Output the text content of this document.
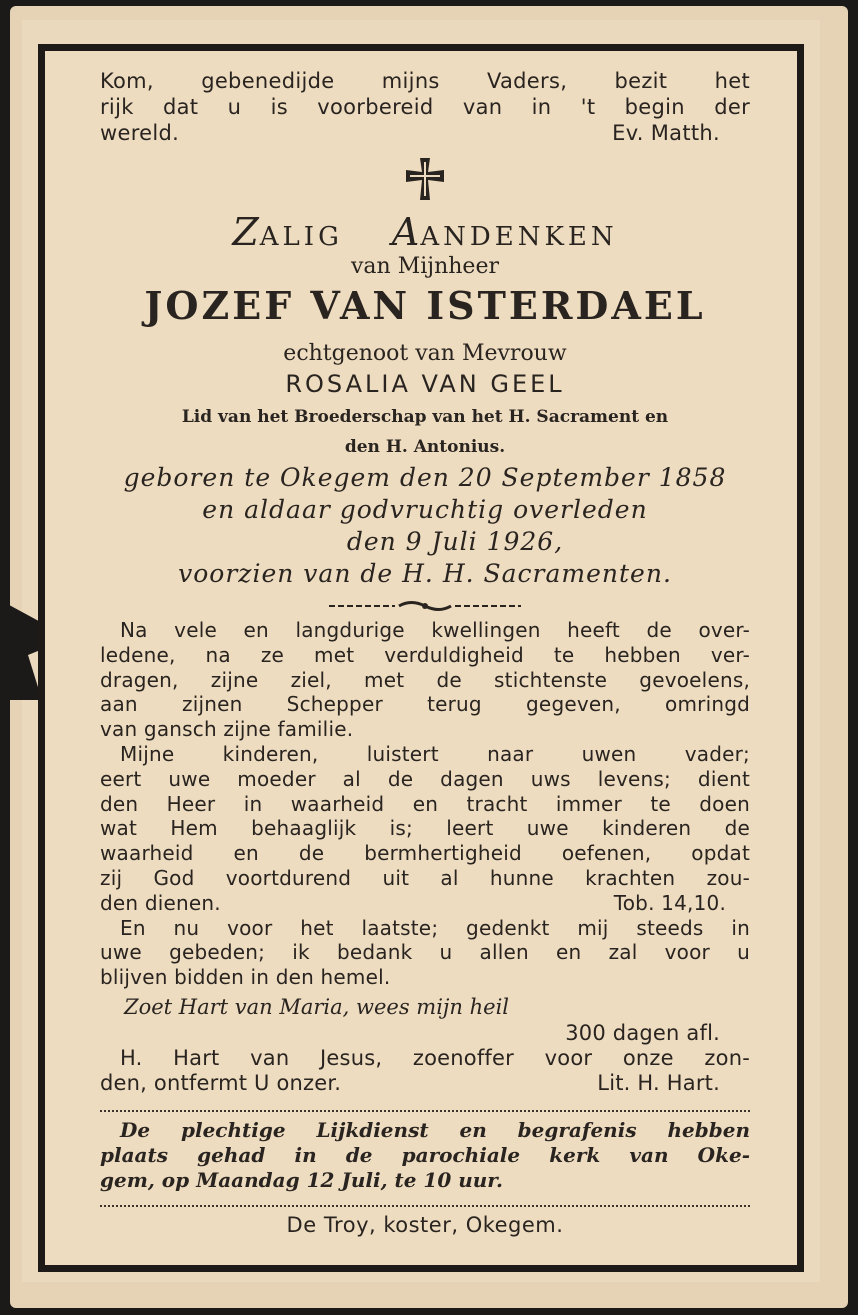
Kom, gebenedijde mijns Vaders, bezit het
rijk dat u is voorbereid van in 't begin der
wereld.	Ev. Matth.
ZALIG AANDENKEN
van Mijnheer
JOZEF VAN ISTERDAEL
echtgenoot van Mevrouw
ROSALIA VAN GEEL
Lid van het Broederschap van het H. Sacrament en
den H. Antonius.
geboren te Okegem den 20 September 1858
en aldaar godvruchtig overleden
den 9 Juli 1926,
voorzien van de H. H. Sacramenten.
Na vele en langdurige kwellingen heeft de over-
ledene, na ze met verduldigheid te hebben ver-
dragen, zijne ziel, met de stichtenste gevoelens,
aan zijnen Schepper terug gegeven, omringd
van gansch zijne familie.
Mijne kinderen, luistert naar uwen vader;
eert uwe moeder al de dagen uws levens; dient
den Heer in waarheid en tracht immer te doen
wat Hem behaaglijk is; leert uwe kinderen de
waarheid en de bermhertigheid oefenen, opdat
zij God voortdurend uit al hunne krachten zou-
den dienen.	Tob. 14,10.
En nu voor het laatste; gedenkt mij steeds in
uwe gebeden; ik bedank u allen en zal voor u
blijven bidden in den hemel.
Zoet Hart van Maria, wees mijn heil
300 dagen afl.
H. Hart van Jesus, zoenoffer voor onze zon-
den, ontfermt U onzer.	Lit. H. Hart.
De plechtige Lijkdienst en begrafenis hebben
plaats gehad in de parochiale kerk van Oke-
gem, op Maandag 12 Juli, te 10 uur.
De Troy, koster, Okegem.
